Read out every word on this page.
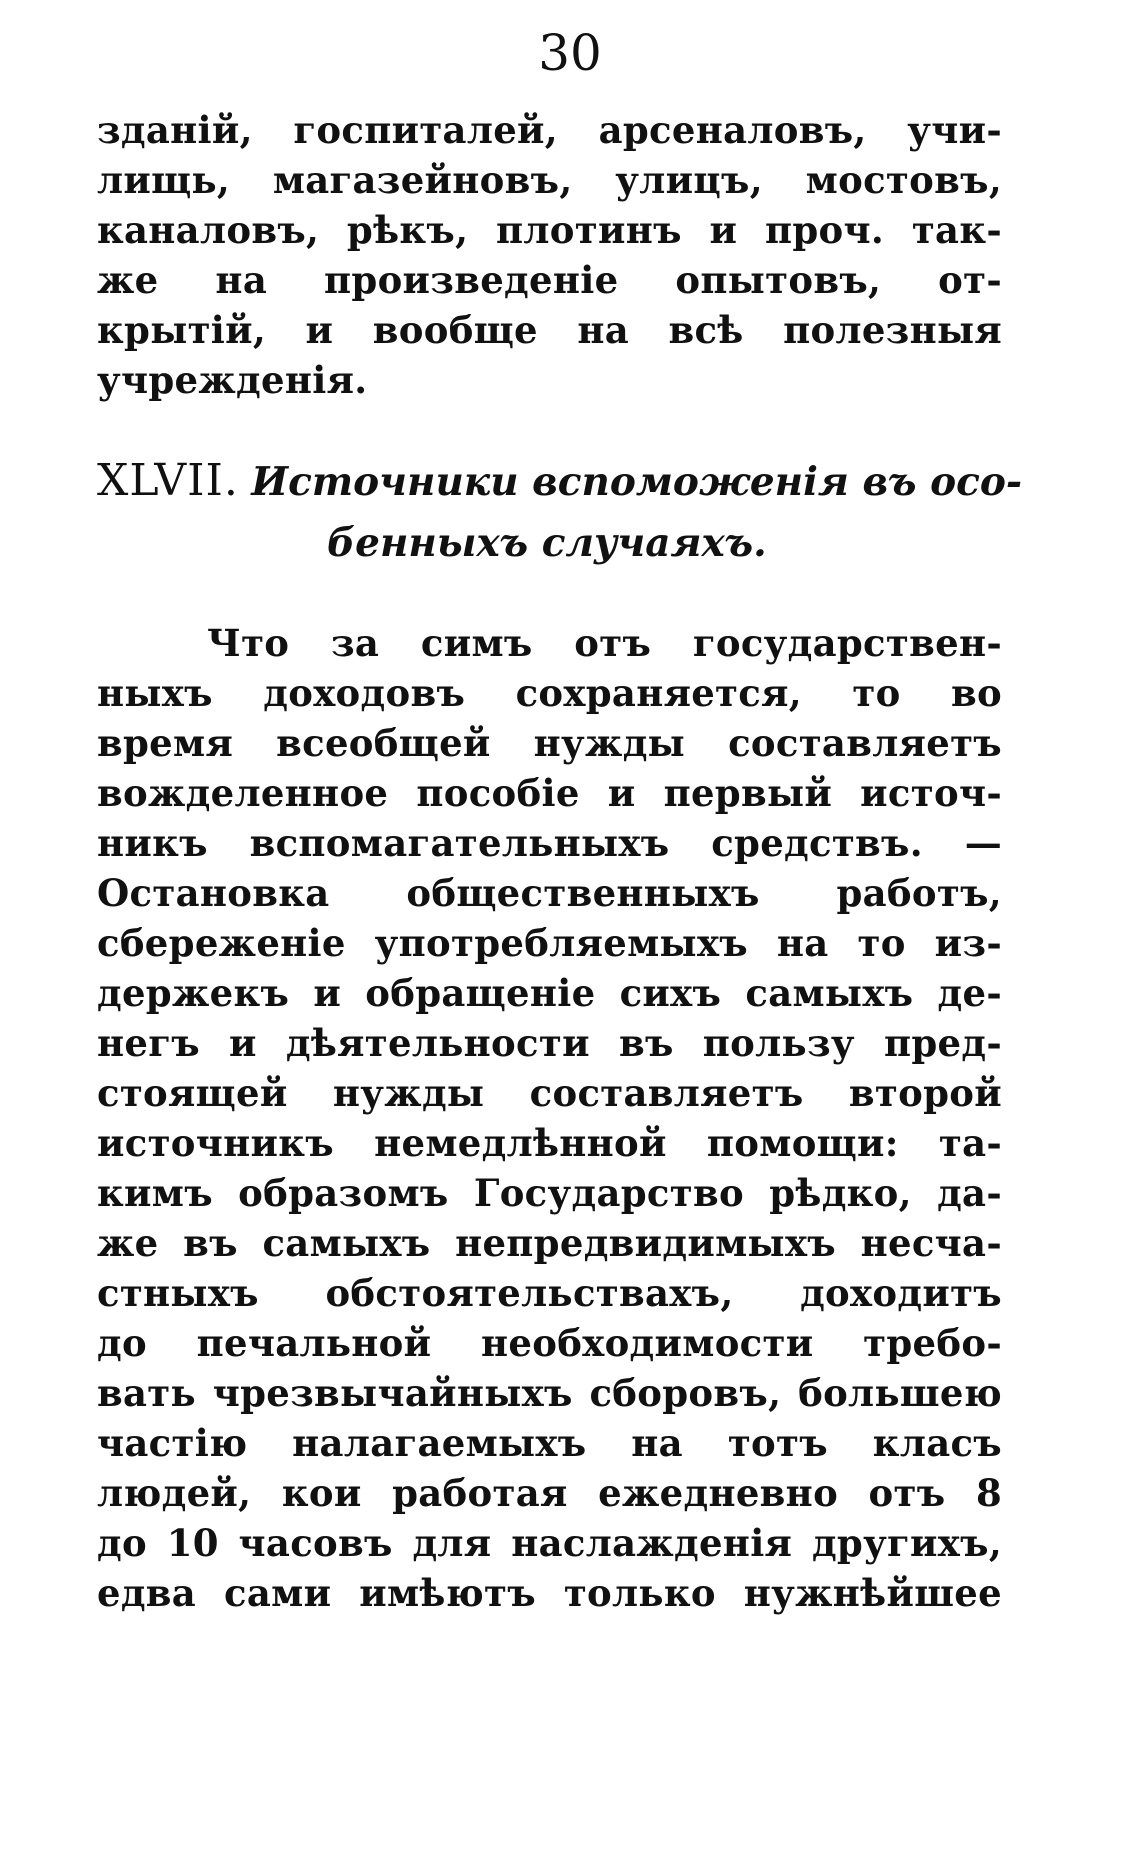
30
зданій, госпиталей, арсеналовъ, учи-
лищь, магазейновъ, улицъ, мостовъ,
каналовъ, рѣкъ, плотинъ и проч. так-
же на произведеніе опытовъ, от-
крытій, и вообще на всѣ полезныя
учрежденія.
XLVII. Источники вспоможенія въ осо-
бенныхъ случаяхъ.
Что за симъ отъ государствен-
ныхъ доходовъ сохраняется, то во
время всеобщей нужды составляетъ
вожделенное пособіе и первый источ-
никъ вспомагательныхъ средствъ. —
Остановка общественныхъ работъ,
сбереженіе употребляемыхъ на то из-
держекъ и обращеніе сихъ самыхъ де-
негъ и дѣятельности въ пользу пред-
стоящей нужды составляетъ второй
источникъ немедлѣнной помощи: та-
кимъ образомъ Государство рѣдко, да-
же въ самыхъ непредвидимыхъ несча-
стныхъ обстоятельствахъ, доходитъ
до печальной необходимости требо-
вать чрезвычайныхъ сборовъ, большею
частію налагаемыхъ на тотъ класъ
людей, кои работая ежедневно отъ 8
до 10 часовъ для наслажденія другихъ,
едва сами имѣютъ только нужнѣйшее
